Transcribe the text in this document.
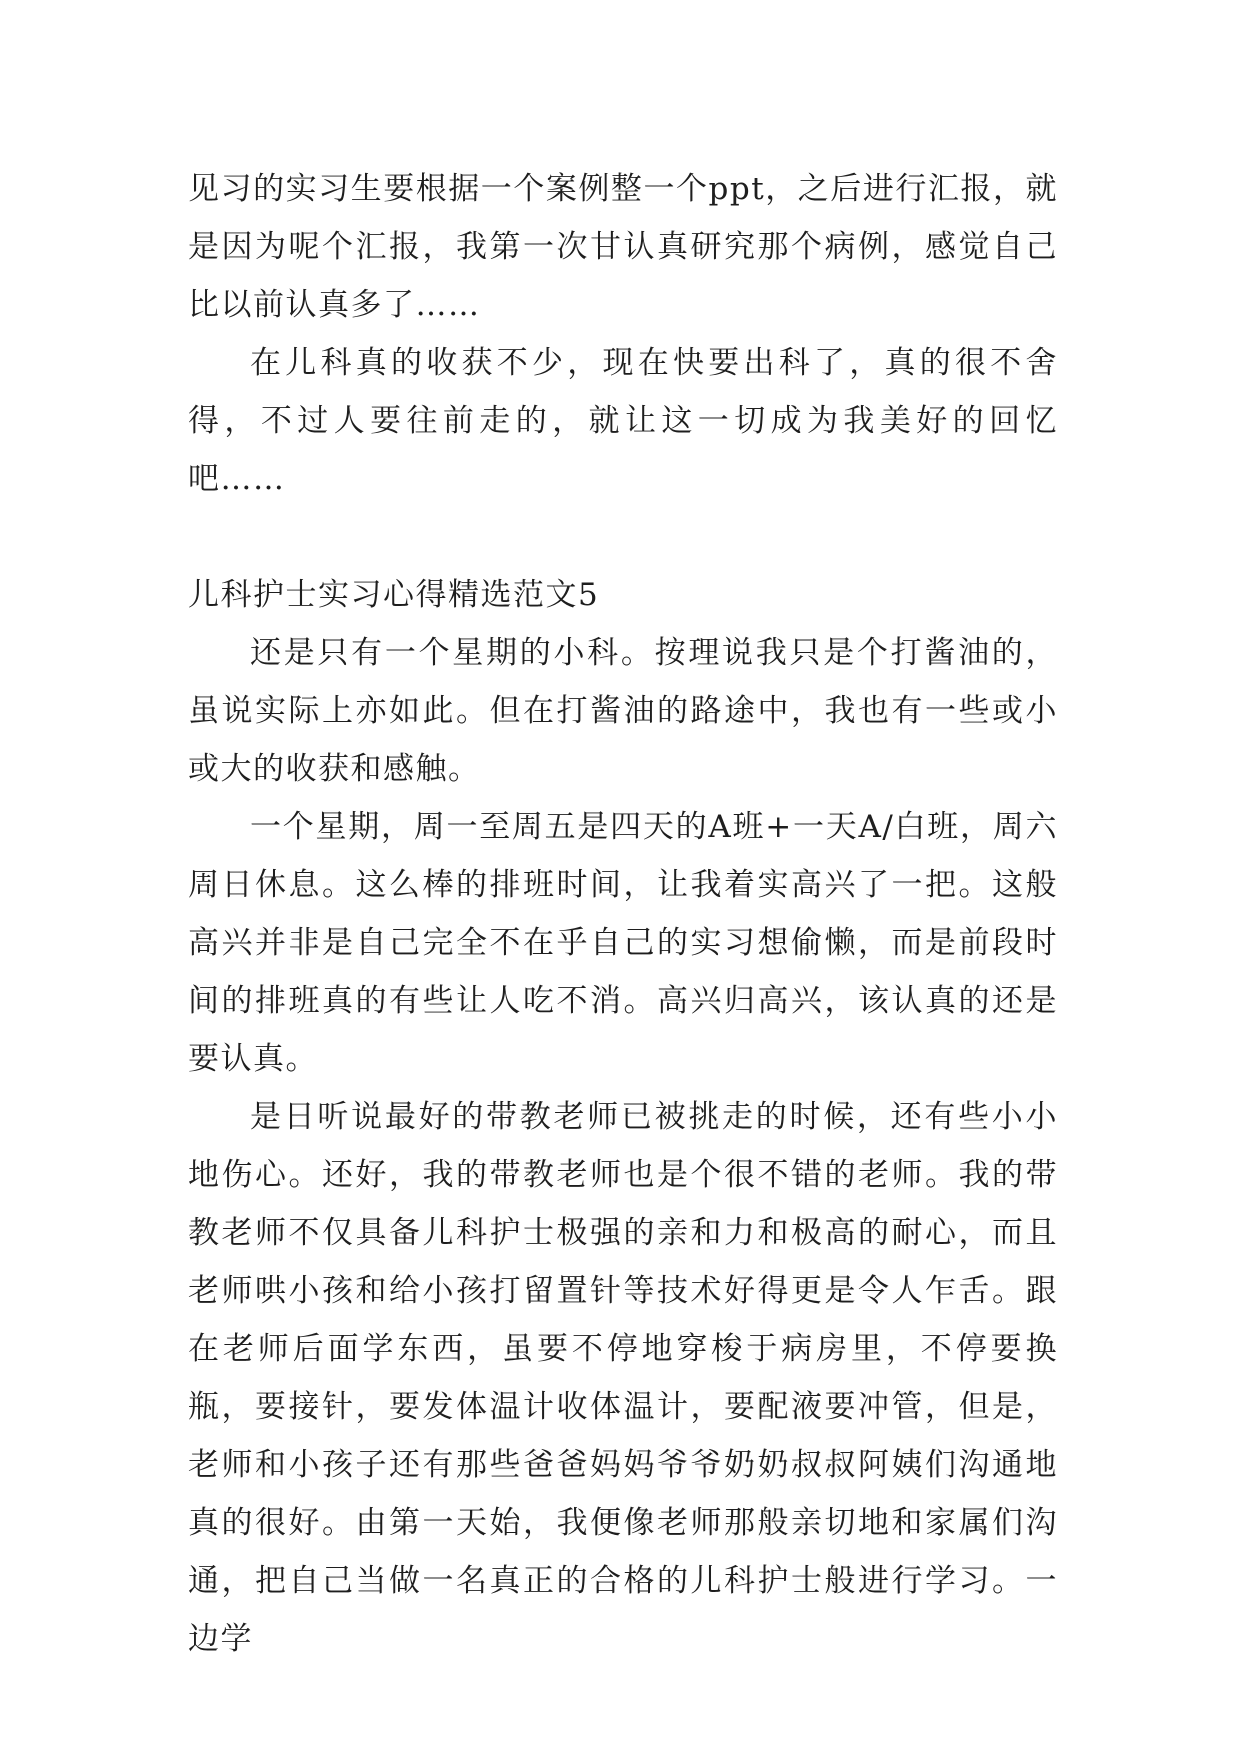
见习的实习生要根据一个案例整一个ppt，之后进行汇报，就是因为呢个汇报，我第一次甘认真研究那个病例，感觉自己比以前认真多了……

在儿科真的收获不少，现在快要出科了，真的很不舍得，不过人要往前走的，就让这一切成为我美好的回忆吧……

儿科护士实习心得精选范文5

还是只有一个星期的小科。按理说我只是个打酱油的，虽说实际上亦如此。但在打酱油的路途中，我也有一些或小或大的收获和感触。

一个星期，周一至周五是四天的A班+一天A/白班，周六周日休息。这么棒的排班时间，让我着实高兴了一把。这般高兴并非是自己完全不在乎自己的实习想偷懒，而是前段时间的排班真的有些让人吃不消。高兴归高兴，该认真的还是要认真。

是日听说最好的带教老师已被挑走的时候，还有些小小地伤心。还好，我的带教老师也是个很不错的老师。我的带教老师不仅具备儿科护士极强的亲和力和极高的耐心，而且老师哄小孩和给小孩打留置针等技术好得更是令人乍舌。跟在老师后面学东西，虽要不停地穿梭于病房里，不停要换瓶，要接针，要发体温计收体温计，要配液要冲管，但是，老师和小孩子还有那些爸爸妈妈爷爷奶奶叔叔阿姨们沟通地真的很好。由第一天始，我便像老师那般亲切地和家属们沟通，把自己当做一名真正的合格的儿科护士般进行学习。一边学
